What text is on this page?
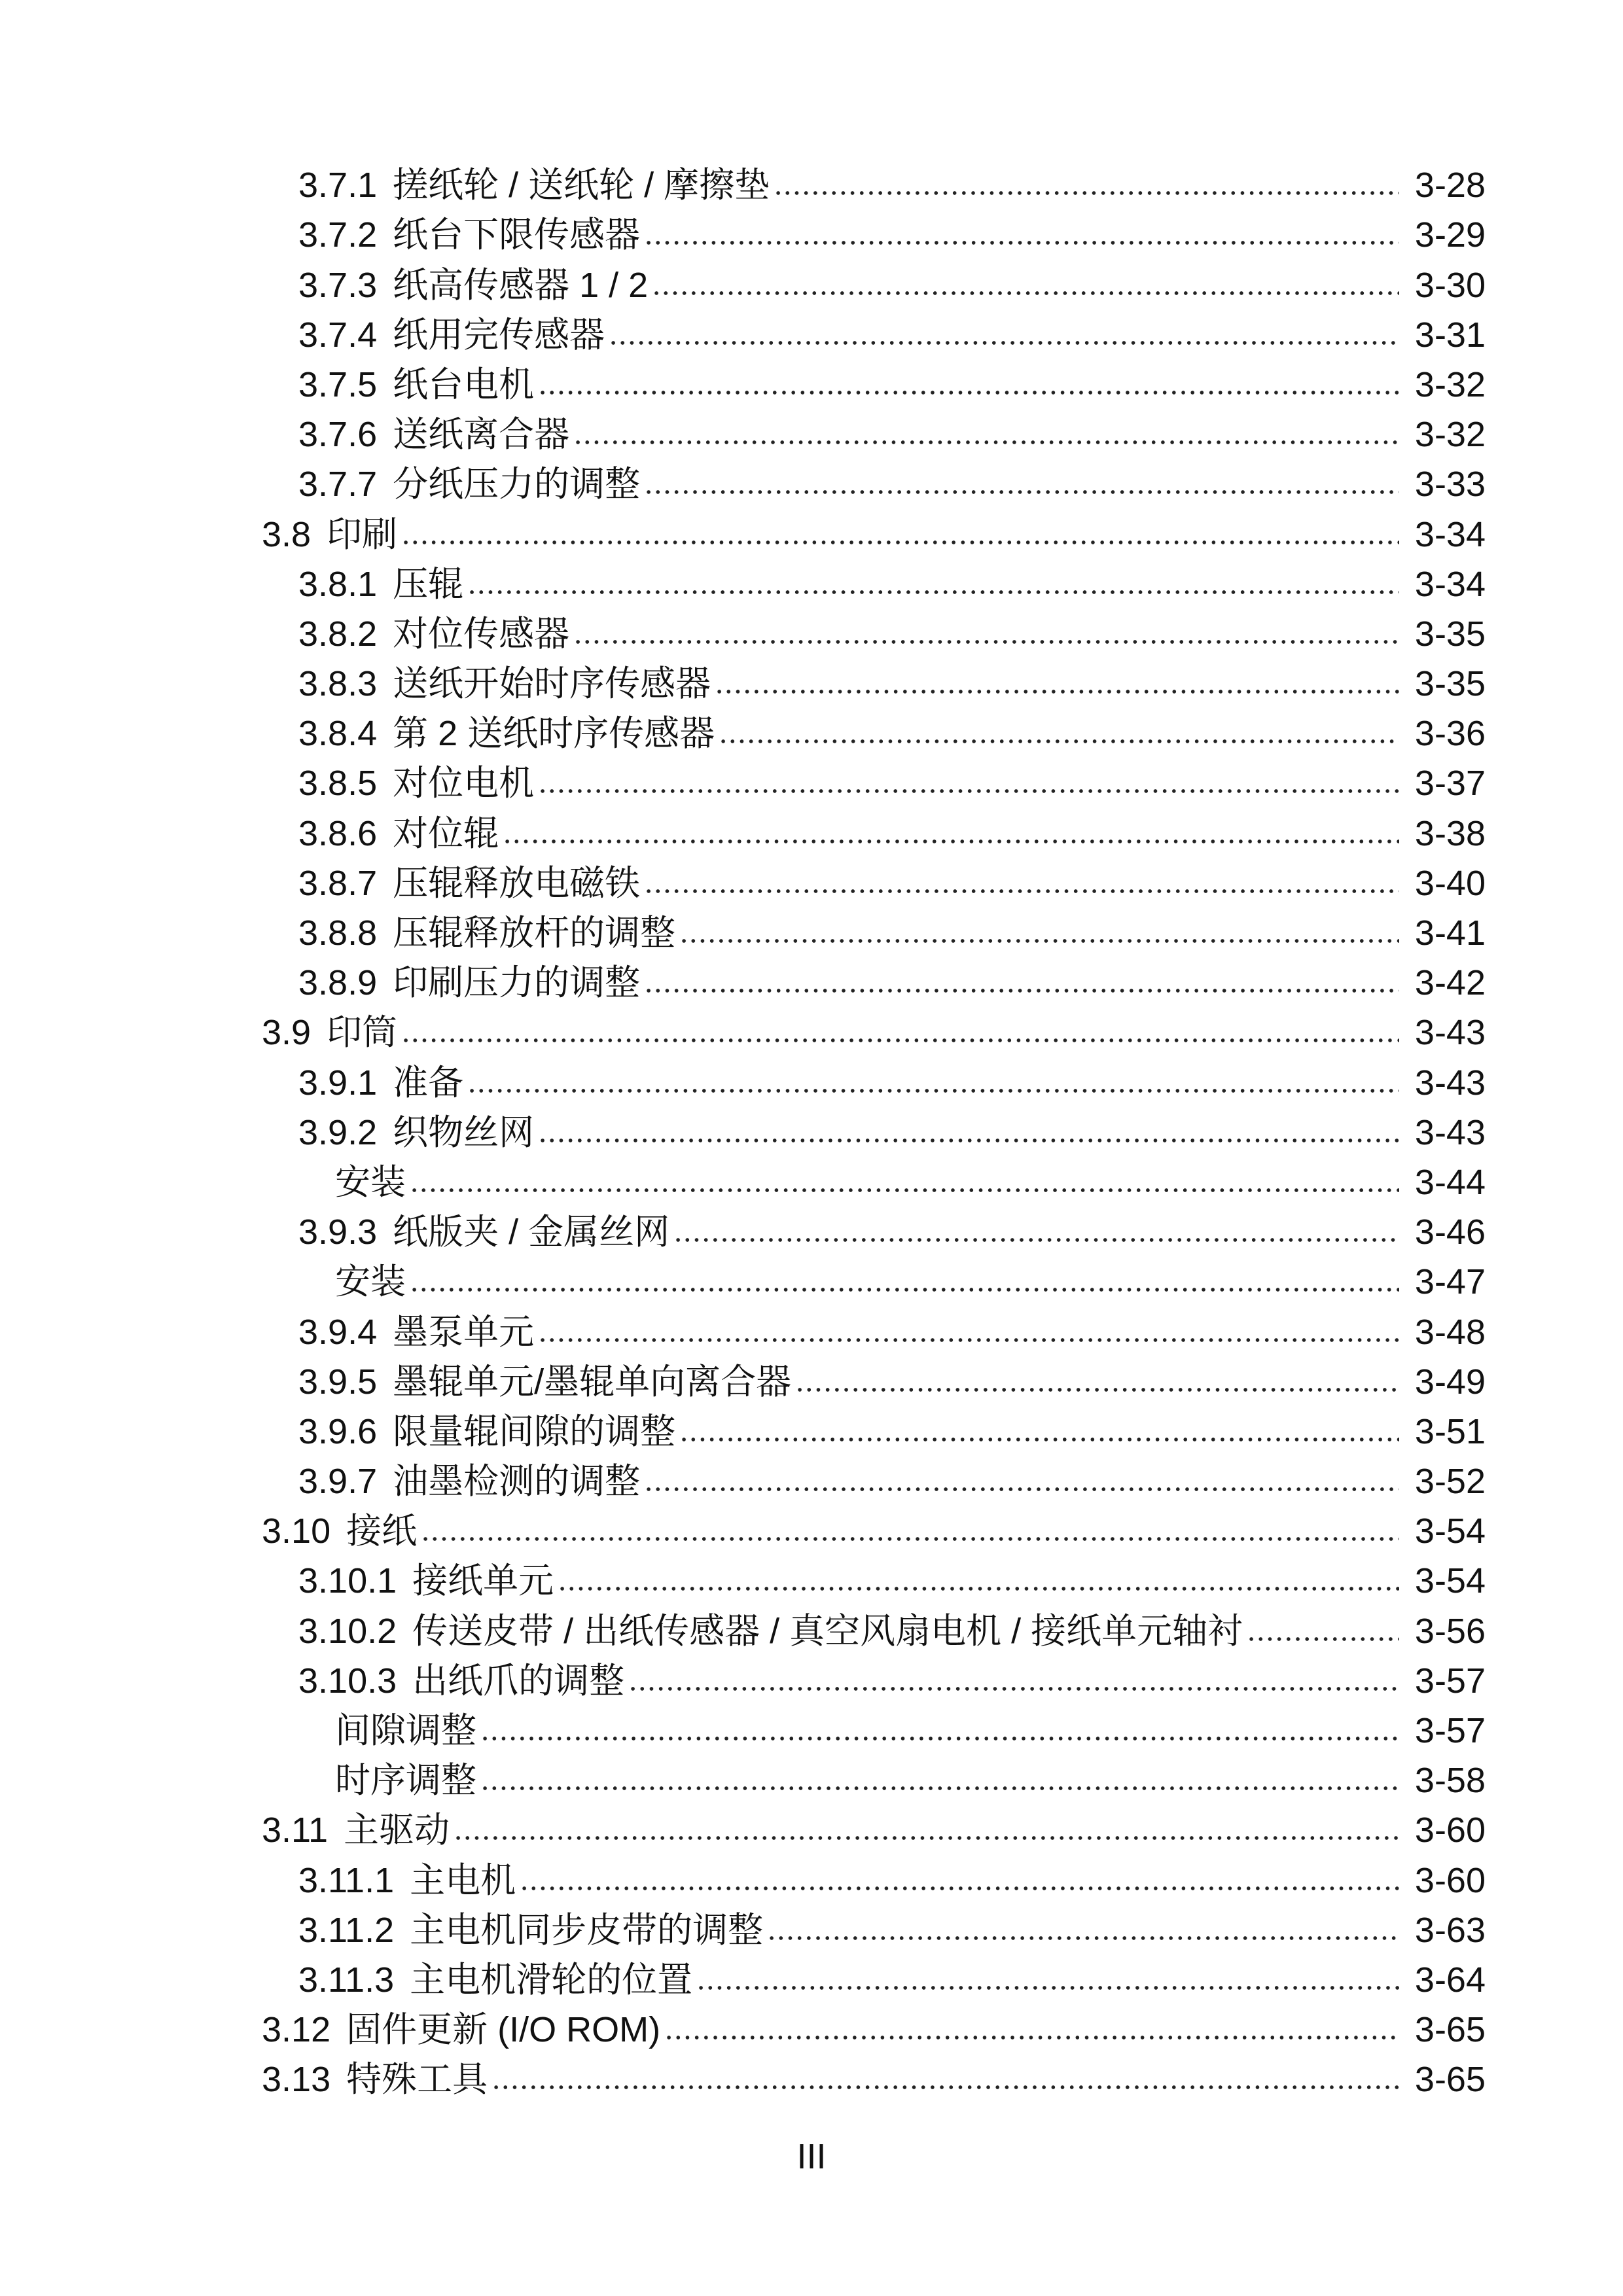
3.7.1 搓纸轮 / 送纸轮 / 摩擦垫	3-28
3.7.2 纸台下限传感器	3-29
3.7.3 纸高传感器 1 / 2	3-30
3.7.4 纸用完传感器	3-31
3.7.5 纸台电机	3-32
3.7.6 送纸离合器	3-32
3.7.7 分纸压力的调整	3-33
3.8 印刷	3-34
3.8.1 压辊	3-34
3.8.2 对位传感器	3-35
3.8.3 送纸开始时序传感器	3-35
3.8.4 第 2 送纸时序传感器	3-36
3.8.5 对位电机	3-37
3.8.6 对位辊	3-38
3.8.7 压辊释放电磁铁	3-40
3.8.8 压辊释放杆的调整	3-41
3.8.9 印刷压力的调整	3-42
3.9 印筒	3-43
3.9.1 准备	3-43
3.9.2 织物丝网	3-43
安装	3-44
3.9.3 纸版夹 / 金属丝网	3-46
安装	3-47
3.9.4 墨泵单元	3-48
3.9.5 墨辊单元/墨辊单向离合器	3-49
3.9.6 限量辊间隙的调整	3-51
3.9.7 油墨检测的调整	3-52
3.10 接纸	3-54
3.10.1 接纸单元	3-54
3.10.2 传送皮带 / 出纸传感器 / 真空风扇电机 / 接纸单元轴衬	3-56
3.10.3 出纸爪的调整	3-57
间隙调整	3-57
时序调整	3-58
3.11 主驱动	3-60
3.11.1 主电机	3-60
3.11.2 主电机同步皮带的调整	3-63
3.11.3 主电机滑轮的位置	3-64
3.12 固件更新 (I/O ROM)	3-65
3.13 特殊工具	3-65
III
